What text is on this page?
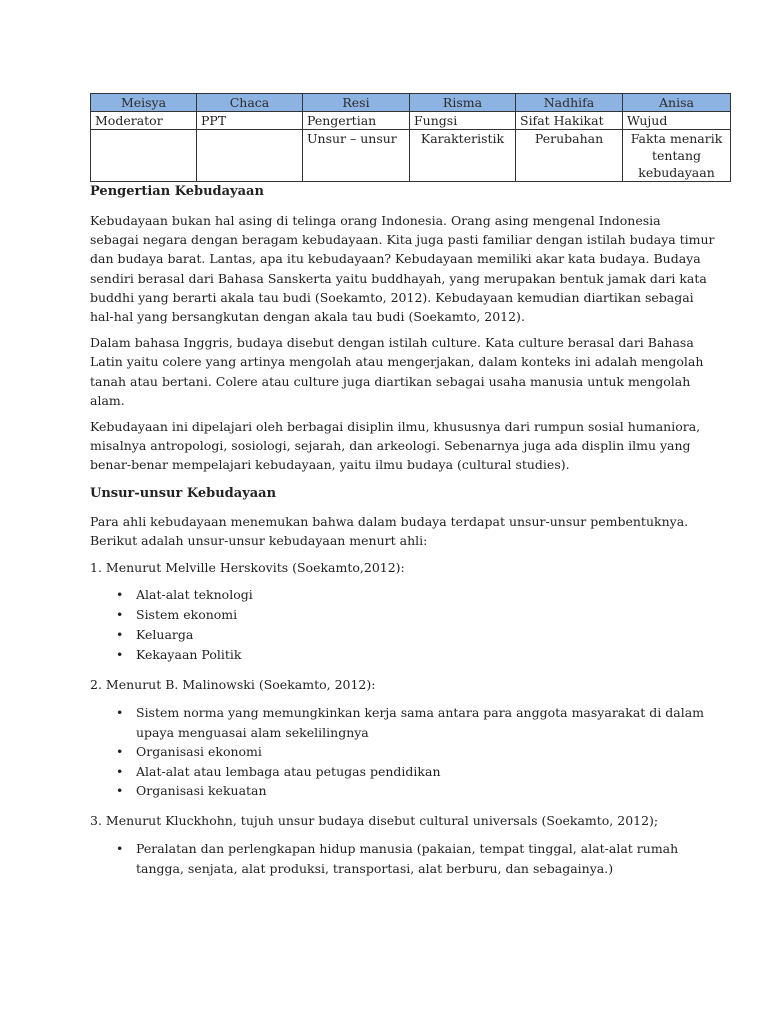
Meisya	Chaca	Resi	Risma	Nadhifa	Anisa
Moderator	PPT	Pengertian	Fungsi	Sifat Hakikat	Wujud
		Unsur – unsur	Karakteristik	Perubahan	Fakta menarik tentang kebudayaan
Pengertian Kebudayaan

Kebudayaan bukan hal asing di telinga orang Indonesia. Orang asing mengenal Indonesia
sebagai negara dengan beragam kebudayaan. Kita juga pasti familiar dengan istilah budaya timur
dan budaya barat. Lantas, apa itu kebudayaan? Kebudayaan memiliki akar kata budaya. Budaya
sendiri berasal dari Bahasa Sanskerta yaitu buddhayah, yang merupakan bentuk jamak dari kata
buddhi yang berarti akala tau budi (Soekamto, 2012). Kebudayaan kemudian diartikan sebagai
hal-hal yang bersangkutan dengan akala tau budi (Soekamto, 2012).

Dalam bahasa Inggris, budaya disebut dengan istilah culture. Kata culture berasal dari Bahasa
Latin yaitu colere yang artinya mengolah atau mengerjakan, dalam konteks ini adalah mengolah
tanah atau bertani. Colere atau culture juga diartikan sebagai usaha manusia untuk mengolah
alam.

Kebudayaan ini dipelajari oleh berbagai disiplin ilmu, khususnya dari rumpun sosial humaniora,
misalnya antropologi, sosiologi, sejarah, dan arkeologi. Sebenarnya juga ada displin ilmu yang
benar-benar mempelajari kebudayaan, yaitu ilmu budaya (cultural studies).

Unsur-unsur Kebudayaan

Para ahli kebudayaan menemukan bahwa dalam budaya terdapat unsur-unsur pembentuknya.
Berikut adalah unsur-unsur kebudayaan menurt ahli:

1. Menurut Melville Herskovits (Soekamto,2012):

• Alat-alat teknologi
• Sistem ekonomi
• Keluarga
• Kekayaan Politik

2. Menurut B. Malinowski (Soekamto, 2012):

• Sistem norma yang memungkinkan kerja sama antara para anggota masyarakat di dalam
upaya menguasai alam sekelilingnya
• Organisasi ekonomi
• Alat-alat atau lembaga atau petugas pendidikan
• Organisasi kekuatan

3. Menurut Kluckhohn, tujuh unsur budaya disebut cultural universals (Soekamto, 2012);

• Peralatan dan perlengkapan hidup manusia (pakaian, tempat tinggal, alat-alat rumah
tangga, senjata, alat produksi, transportasi, alat berburu, dan sebagainya.)
